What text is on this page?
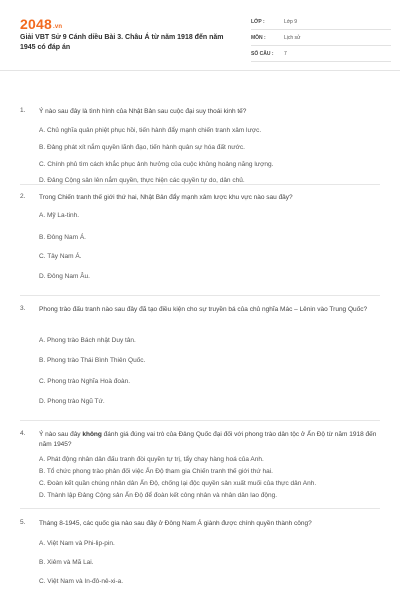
2048.vn
Giải VBT Sử 9 Cánh diều Bài 3. Châu Á từ năm 1918 đến năm 1945 có đáp án
LỚP :	Lớp 9
MÔN :	Lịch sử
SỐ CÂU :	7
1. Ý nào sau đây là tình hình của Nhật Bản sau cuộc đại suy thoái kinh tế?
A. Chủ nghĩa quân phiệt phục hồi, tiến hành đẩy mạnh chiến tranh xâm lược.
B. Đảng phát xít nắm quyền lãnh đạo, tiến hành quân sự hóa đất nước.
C. Chính phủ tìm cách khắc phục ảnh hưởng của cuộc khủng hoảng năng lượng.
D. Đảng Cộng sản lên nắm quyền, thực hiện các quyền tự do, dân chủ.
2. Trong Chiến tranh thế giới thứ hai, Nhật Bản đẩy mạnh xâm lược khu vực nào sau đây?
A. Mỹ La-tinh.
B. Đông Nam Á.
C. Tây Nam Á.
D. Đông Nam Âu.
3. Phong trào đấu tranh nào sau đây đã tạo điều kiện cho sự truyền bá của chủ nghĩa Mác – Lênin vào Trung Quốc?
A. Phong trào Bách nhật Duy tân.
B. Phong trào Thái Bình Thiên Quốc.
C. Phong trào Nghĩa Hoà đoàn.
D. Phong trào Ngũ Tứ.
4. Ý nào sau đây không đánh giá đúng vai trò của Đảng Quốc đại đối với phong trào dân tộc ở Ấn Độ từ năm 1918 đến năm 1945?
A. Phát động nhân dân đấu tranh đòi quyền tự trị, tẩy chay hàng hoá của Anh.
B. Tổ chức phong trào phản đối việc Ấn Độ tham gia Chiến tranh thế giới thứ hai.
C. Đoàn kết quần chúng nhân dân Ấn Độ, chống lại độc quyền sản xuất muối của thực dân Anh.
D. Thành lập Đảng Cộng sản Ấn Độ để đoàn kết công nhân và nhân dân lao động.
5. Tháng 8-1945, các quốc gia nào sau đây ở Đông Nam Á giành được chính quyền thành công?
A. Việt Nam và Phi-lip-pin.
B. Xiêm và Mã Lai.
C. Việt Nam và In-đô-nê-xi-a.
